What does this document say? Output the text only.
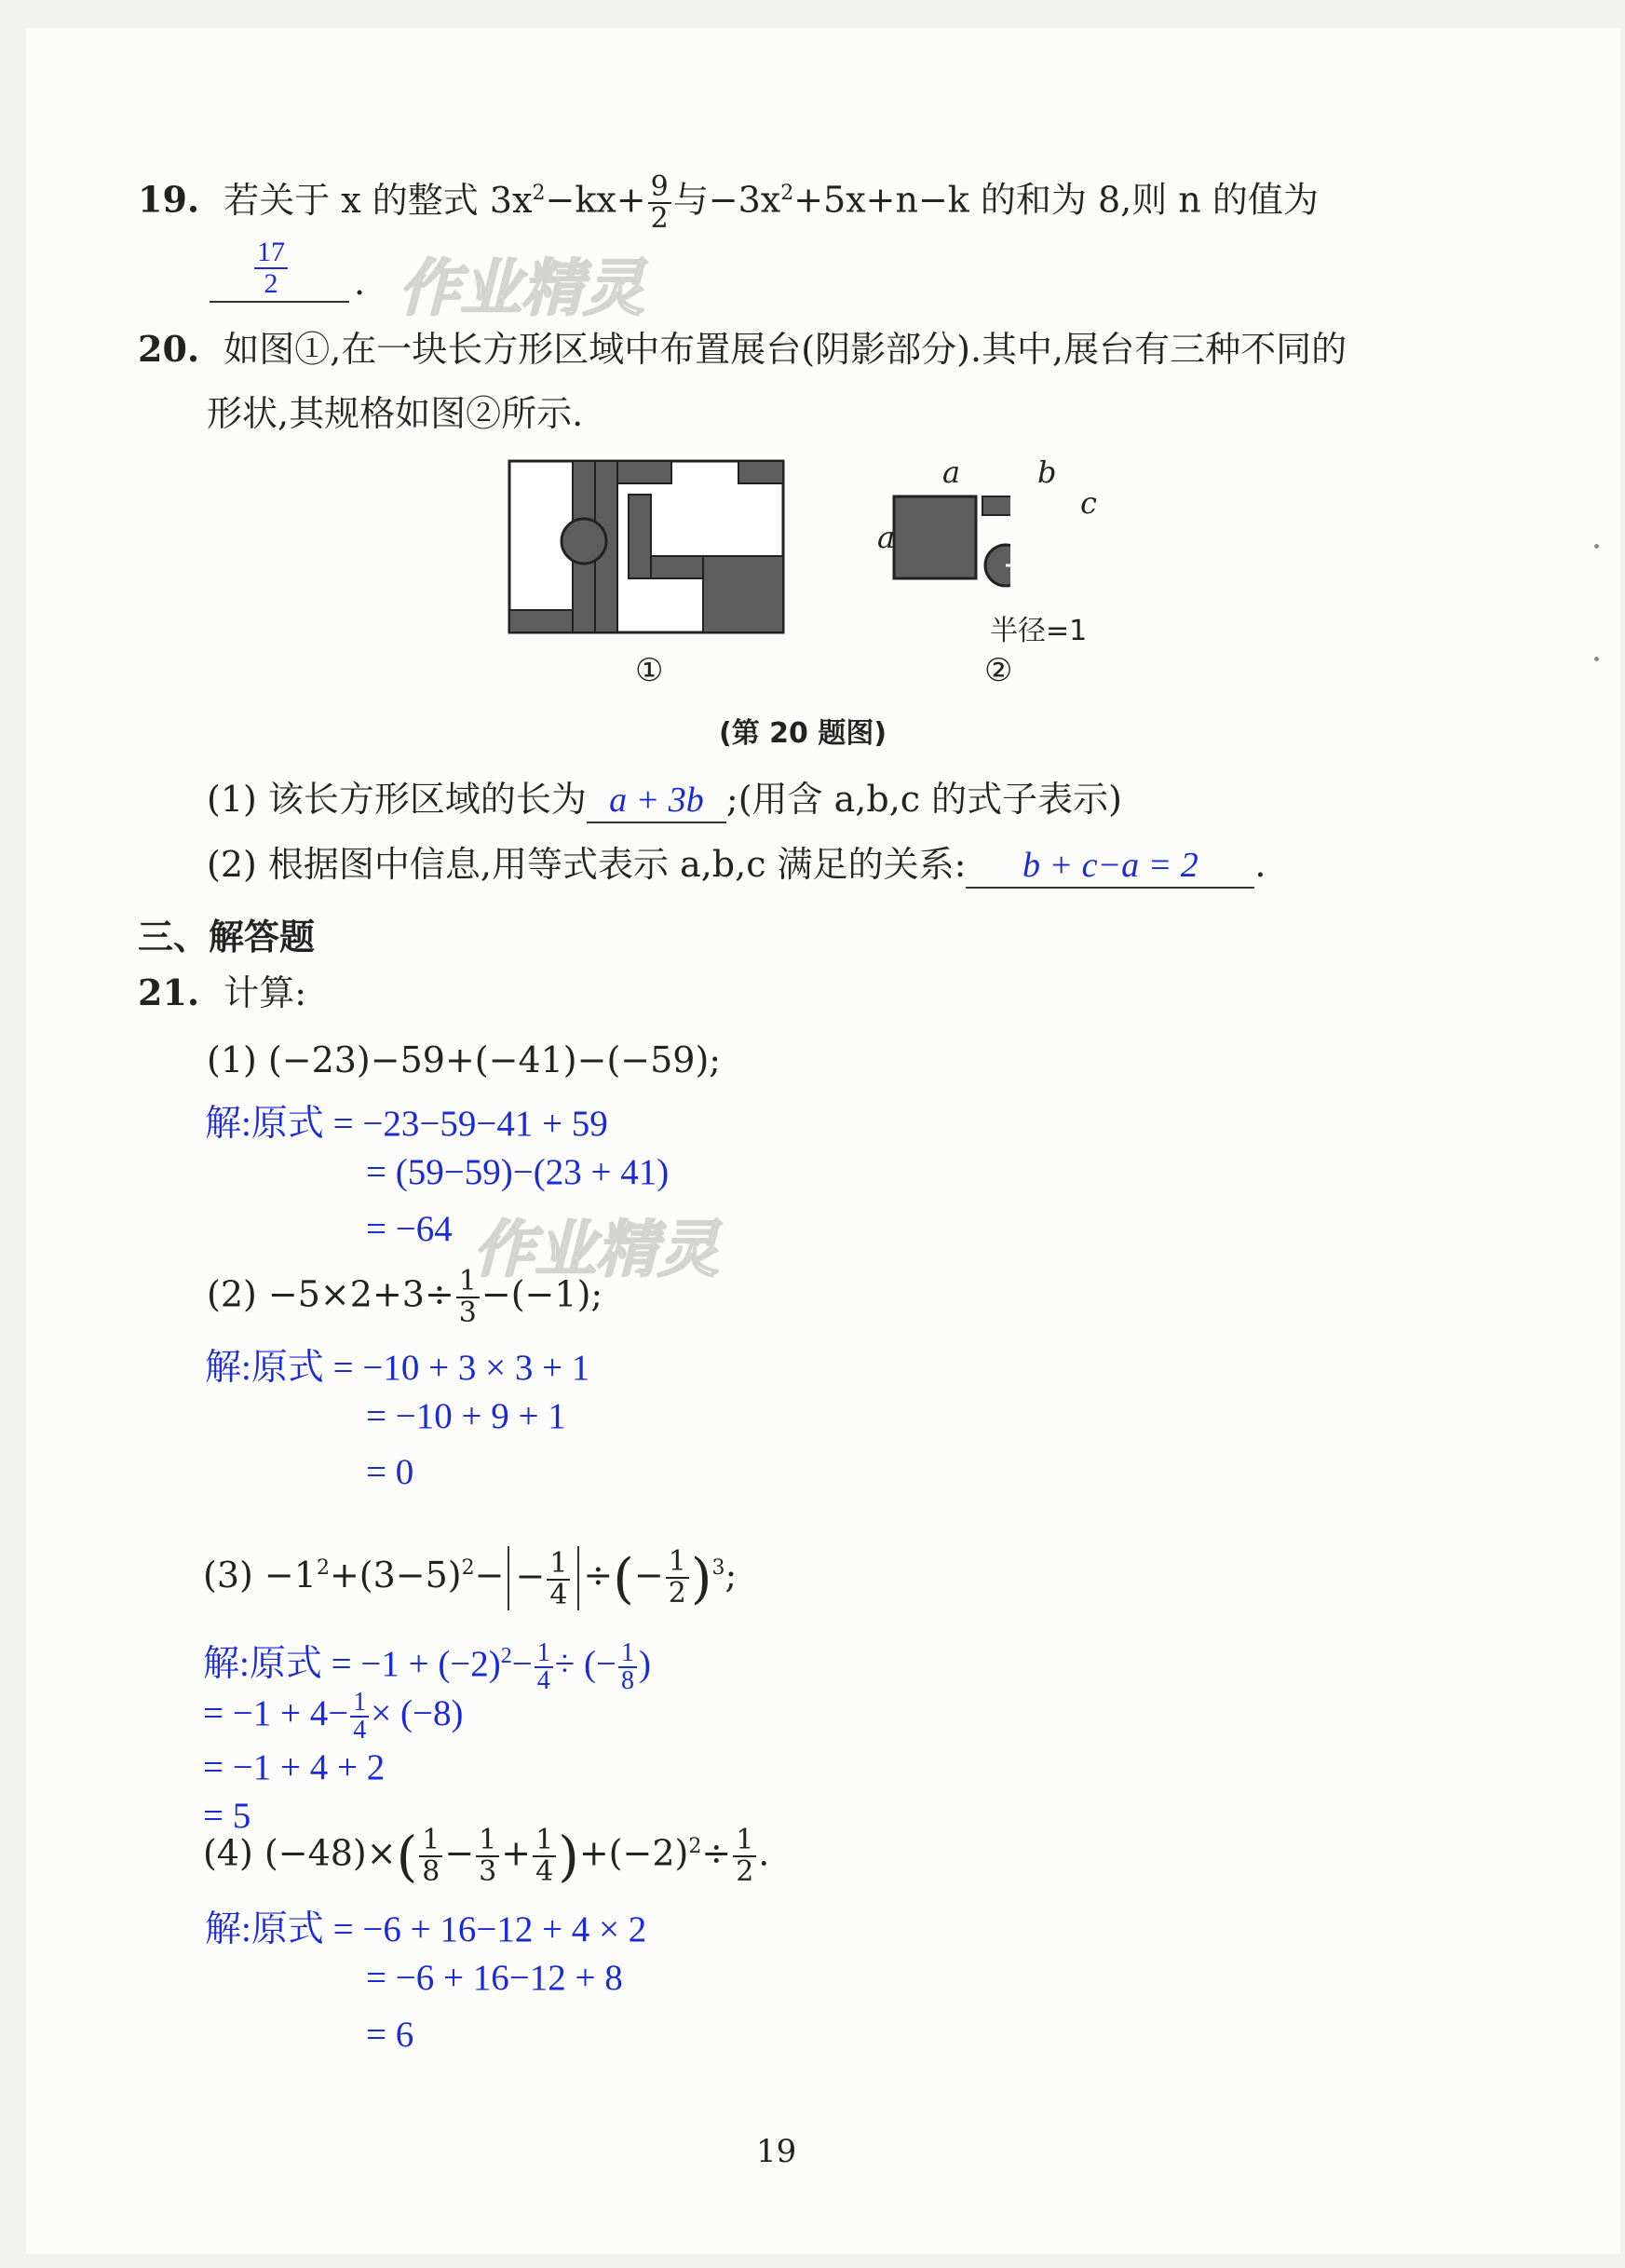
19. 若关于 x 的整式 $3x^2-kx+ \frac{9}{2}$ 与$-3x^2+5x+n-k$ 的和为 8,则 n 的值为
$\frac{17}{2}$ . 作业精灵
20. 如图①,在一块长方形区域中布置展台(阴影部分).其中,展台有三种不同的
形状,其规格如图②所示.
①
a	b
c
a
半径=1
②
(第 20 题图)
(1) 该长方形区域的长为 a + 3b ;(用含 a,b,c 的式子表示)
(2) 根据图中信息,用等式表示 a,b,c 满足的关系: b + c−a = 2 .
三、解答题
21. 计算:
(1) (−23)−59+(−41)−(−59);
解:原式 = −23−59−41 + 59
= (59−59)−(23 + 41)
= −64 作业精灵
$(2) -5\times 2+3\div \frac{1}{3} -(-1)$;
解:原式 = −10 + 3 × 3 + 1
= −10 + 9 + 1
= 0
$(3) -1^2+(3-5)^2- - \frac{1}{4}$ ÷(− $\frac{1}{2} )^3$;
解:原式 = $-1 + (-2)^2- \frac{1}{4}$ ÷ (− $\frac{1}{8}$ )
= $-1 + 4- \frac{1}{4} \times (-8)$
= −1 + 4 + 2
= 5
(4) $(-48)\times( \frac{1}{8} - \frac{1}{3} + \frac{1}{4} )+(-2)^2\div \frac{1}{2}$ .
解:原式 = −6 + 16−12 + 4 × 2
= −6 + 16−12 + 8
= 6
19
